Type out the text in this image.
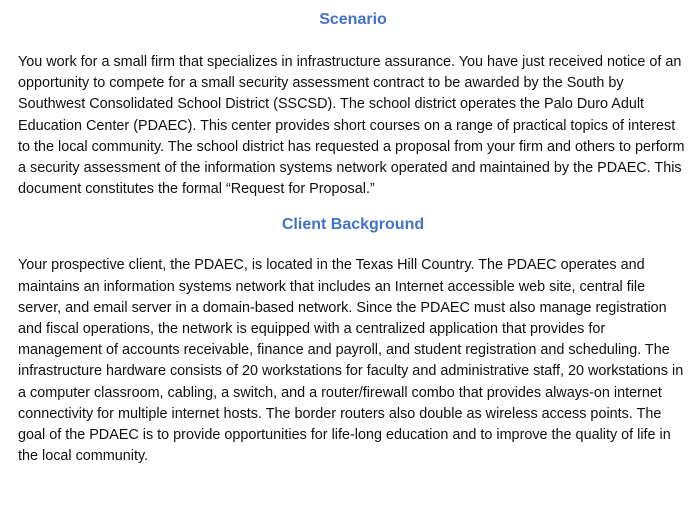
Scenario

You work for a small firm that specializes in infrastructure assurance. You have just received notice of an opportunity to compete for a small security assessment contract to be awarded by the South by Southwest Consolidated School District (SSCSD). The school district operates the Palo Duro Adult Education Center (PDAEC). This center provides short courses on a range of practical topics of interest to the local community. The school district has requested a proposal from your firm and others to perform a security assessment of the information systems network operated and maintained by the PDAEC. This document constitutes the formal “Request for Proposal.”

Client Background

Your prospective client, the PDAEC, is located in the Texas Hill Country. The PDAEC operates and maintains an information systems network that includes an Internet accessible web site, central file server, and email server in a domain-based network. Since the PDAEC must also manage registration and fiscal operations, the network is equipped with a centralized application that provides for management of accounts receivable, finance and payroll, and student registration and scheduling. The infrastructure hardware consists of 20 workstations for faculty and administrative staff, 20 workstations in a computer classroom, cabling, a switch, and a router/firewall combo that provides always-on internet connectivity for multiple internet hosts. The border routers also double as wireless access points. The goal of the PDAEC is to provide opportunities for life-long education and to improve the quality of life in the local community.
